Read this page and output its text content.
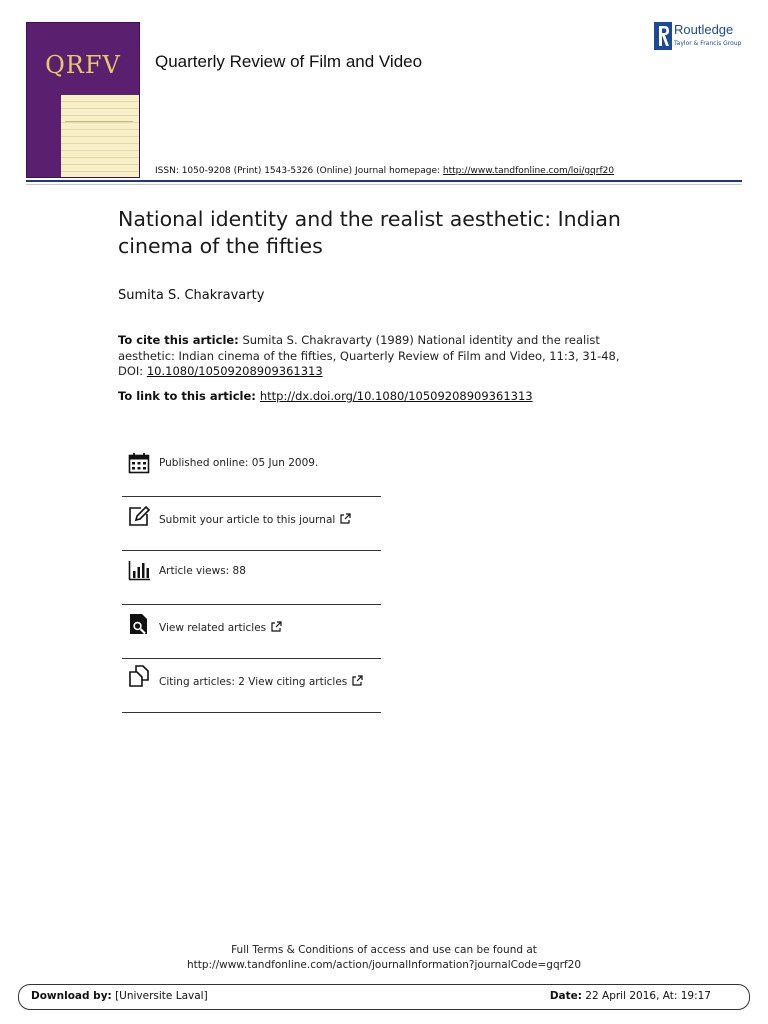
QRFV	Quarterly Review of Film and Video
ISSN: 1050-9208 (Print) 1543-5326 (Online) Journal homepage: http://www.tandfonline.com/loi/gqrf20
Routledge
Taylor & Francis Group
National identity and the realist aesthetic: Indian cinema of the fifties
Sumita S. Chakravarty
To cite this article: Sumita S. Chakravarty (1989) National identity and the realist aesthetic: Indian cinema of the fifties, Quarterly Review of Film and Video, 11:3, 31-48, DOI: 10.1080/10509208909361313
To link to this article: http://dx.doi.org/10.1080/10509208909361313
Published online: 05 Jun 2009.
Submit your article to this journal
Article views: 88
View related articles
Citing articles: 2 View citing articles
Full Terms & Conditions of access and use can be found at
http://www.tandfonline.com/action/journalInformation?journalCode=gqrf20
Download by: [Universite Laval]	Date: 22 April 2016, At: 19:17
